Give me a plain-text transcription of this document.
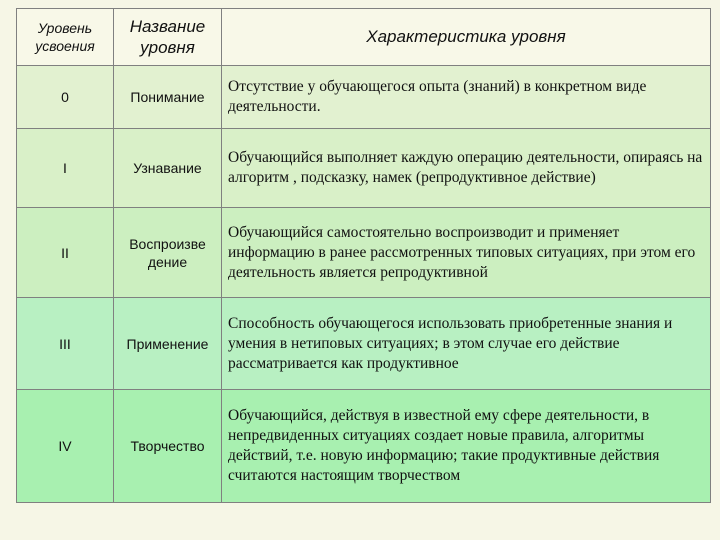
Уровень усвоения	Название уровня	Характеристика уровня
0	Понимание	Отсутствие у обучающегося опыта (знаний) в конкретном виде деятельности.
I	Узнавание	Обучающийся выполняет каждую операцию деятельности, опираясь на алгоритм , подсказку, намек (репродуктивное действие)
II	Воспроизве дение	Обучающийся самостоятельно воспроизводит и применяет информацию в ранее рассмотренных типовых ситуациях, при этом его деятельность является репродуктивной
III	Применение	Способность обучающегося использовать приобретенные знания и умения в нетиповых ситуациях; в этом случае его действие рассматривается как продуктивное
IV	Творчество	Обучающийся, действуя в известной ему сфере деятельности, в непредвиденных ситуациях создает новые правила, алгоритмы действий, т.е. новую информацию; такие продуктивные действия считаются настоящим творчеством
